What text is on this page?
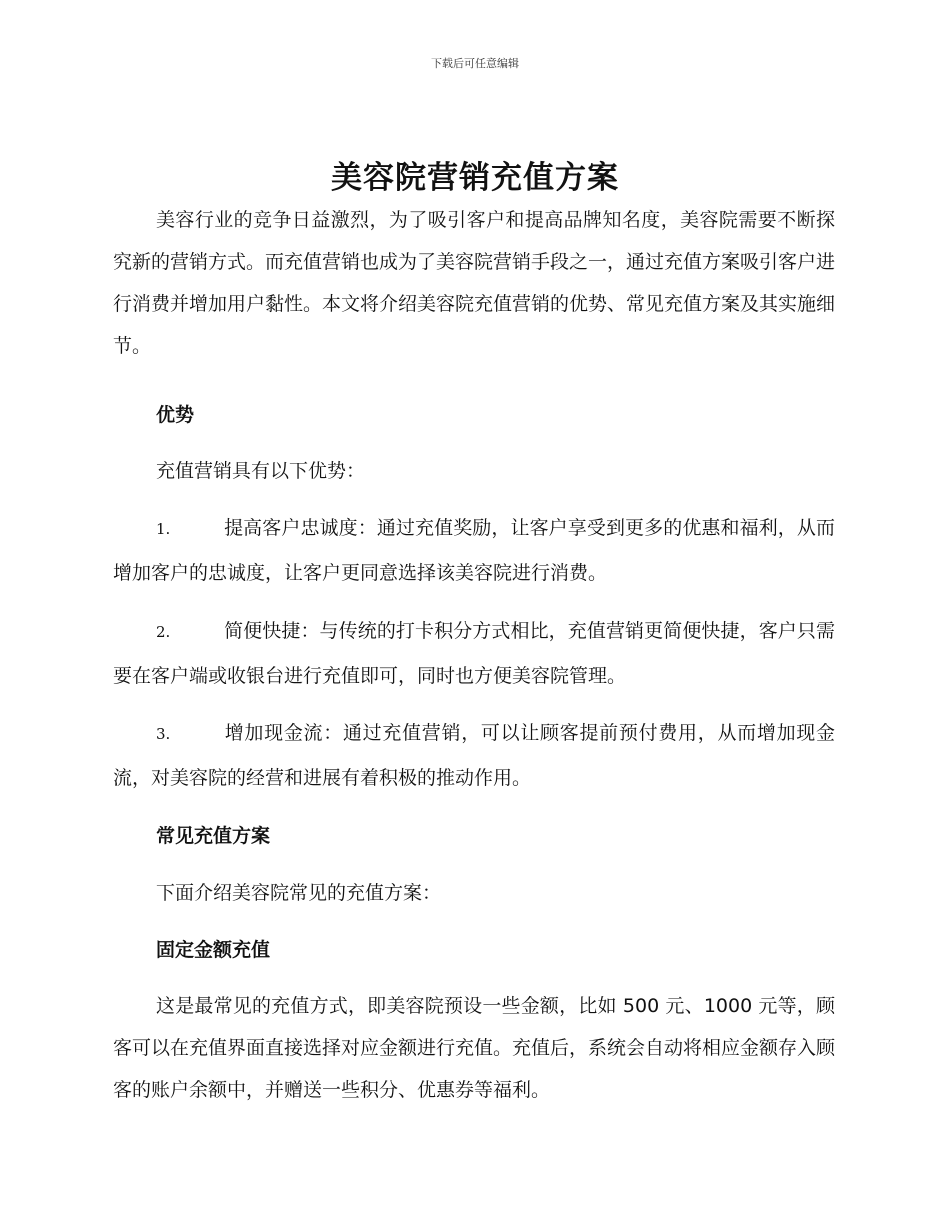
下载后可任意编辑
美容院营销充值方案
美容行业的竞争日益激烈，为了吸引客户和提高品牌知名度，美容院需要不断探究新的营销方式。而充值营销也成为了美容院营销手段之一，通过充值方案吸引客户进行消费并增加用户黏性。本文将介绍美容院充值营销的优势、常见充值方案及其实施细节。
优势
充值营销具有以下优势：
1.	提高客户忠诚度：通过充值奖励，让客户享受到更多的优惠和福利，从而增加客户的忠诚度，让客户更同意选择该美容院进行消费。
2.	简便快捷：与传统的打卡积分方式相比，充值营销更简便快捷，客户只需要在客户端或收银台进行充值即可，同时也方便美容院管理。
3.	增加现金流：通过充值营销，可以让顾客提前预付费用，从而增加现金流，对美容院的经营和进展有着积极的推动作用。
常见充值方案
下面介绍美容院常见的充值方案：
固定金额充值
这是最常见的充值方式，即美容院预设一些金额，比如 500 元、1000 元等，顾客可以在充值界面直接选择对应金额进行充值。充值后，系统会自动将相应金额存入顾客的账户余额中，并赠送一些积分、优惠券等福利。
